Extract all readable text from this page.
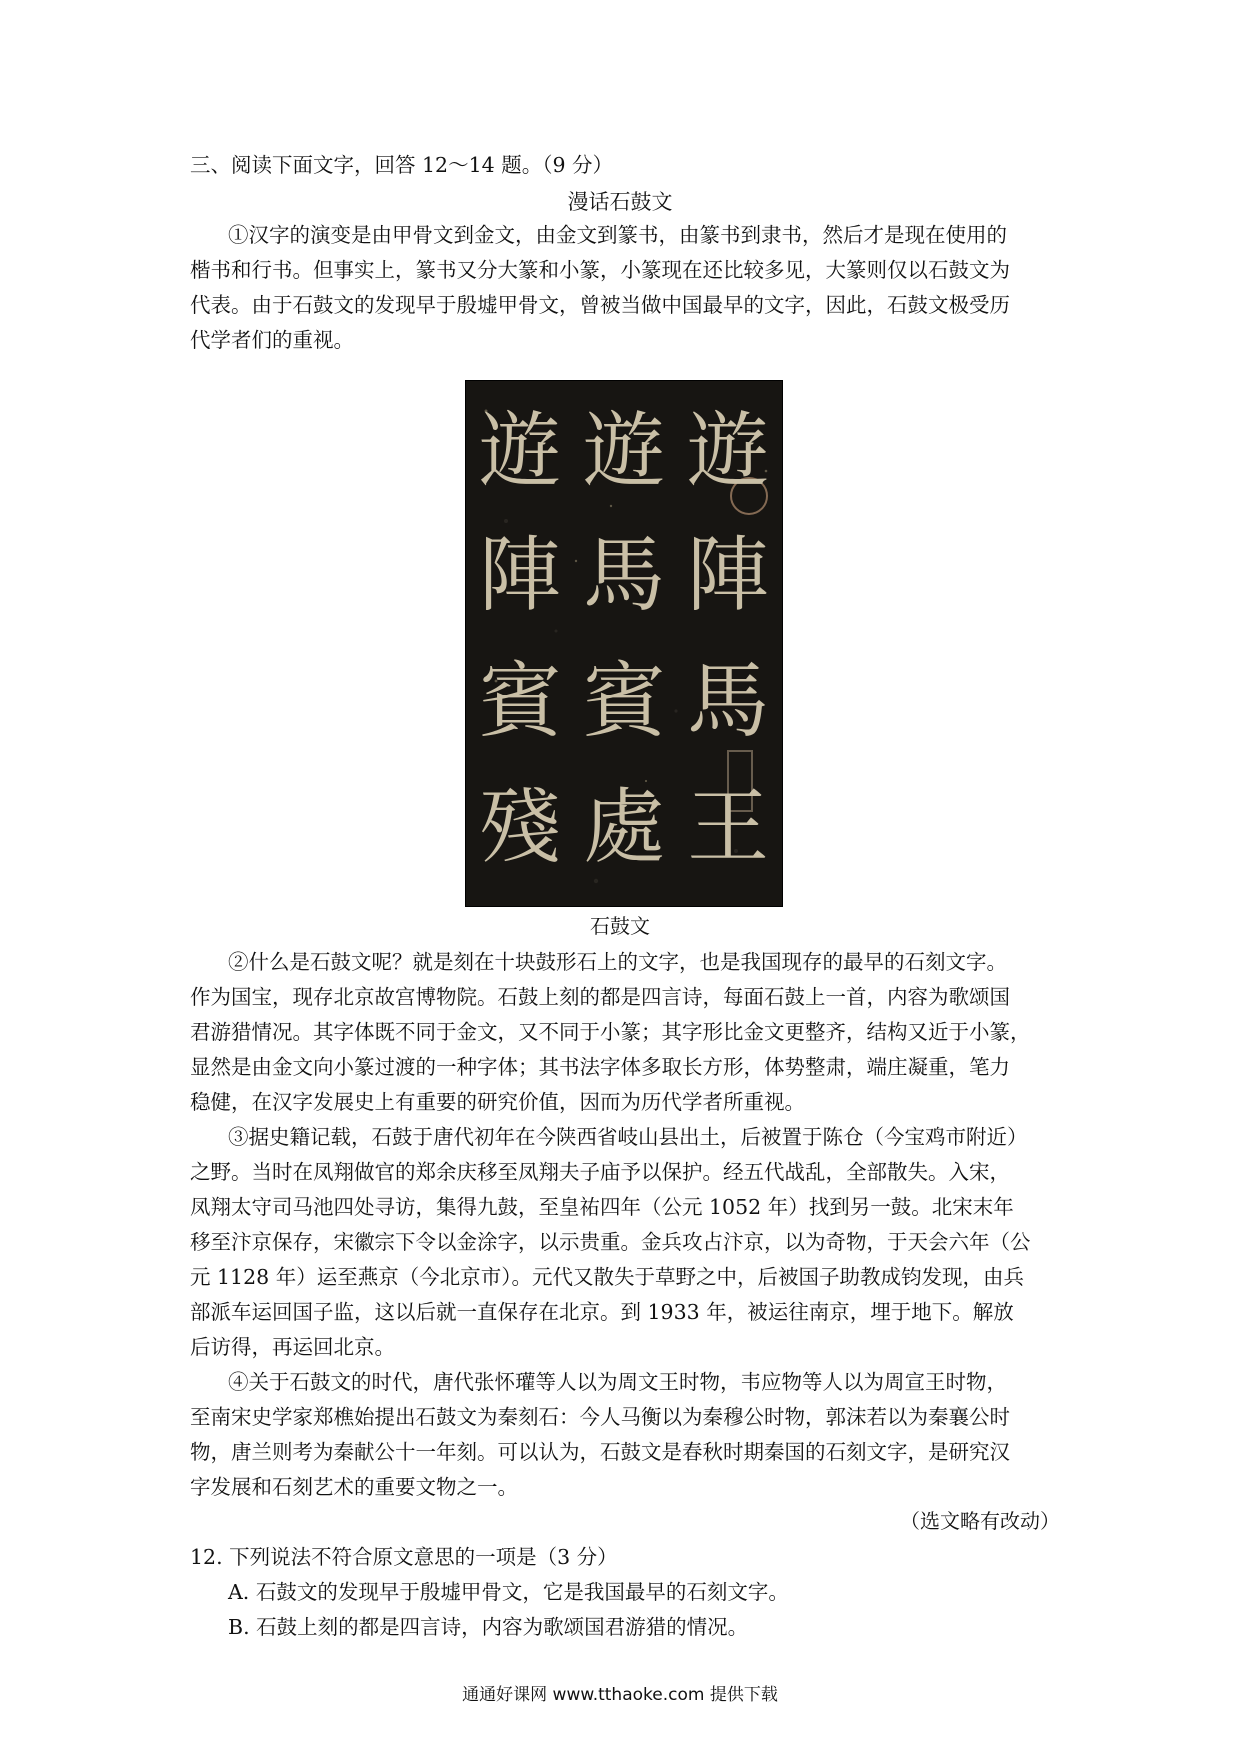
三、阅读下面文字，回答 12～14 题。（9 分）
漫话石鼓文
①汉字的演变是由甲骨文到金文，由金文到篆书，由篆书到隶书，然后才是现在使用的
楷书和行书。但事实上，篆书又分大篆和小篆，小篆现在还比较多见，大篆则仅以石鼓文为
代表。由于石鼓文的发现早于殷墟甲骨文，曾被当做中国最早的文字，因此，石鼓文极受历
代学者们的重视。
遊
陣
馬
王
遊
馬
賓
處
遊
陣
賓
殘
石鼓文
②什么是石鼓文呢？就是刻在十块鼓形石上的文字，也是我国现存的最早的石刻文字。
作为国宝，现存北京故宫博物院。石鼓上刻的都是四言诗，每面石鼓上一首，内容为歌颂国
君游猎情况。其字体既不同于金文，又不同于小篆；其字形比金文更整齐，结构又近于小篆，
显然是由金文向小篆过渡的一种字体；其书法字体多取长方形，体势整肃，端庄凝重，笔力
稳健，在汉字发展史上有重要的研究价值，因而为历代学者所重视。
③据史籍记载，石鼓于唐代初年在今陕西省岐山县出土，后被置于陈仓（今宝鸡市附近）
之野。当时在凤翔做官的郑余庆移至凤翔夫子庙予以保护。经五代战乱，全部散失。入宋，
凤翔太守司马池四处寻访，集得九鼓，至皇祐四年（公元 1052 年）找到另一鼓。北宋末年
移至汴京保存，宋徽宗下令以金涂字，以示贵重。金兵攻占汴京，以为奇物，于天会六年（公
元 1128 年）运至燕京（今北京市）。元代又散失于草野之中，后被国子助教成钧发现，由兵
部派车运回国子监，这以后就一直保存在北京。到 1933 年，被运往南京，埋于地下。解放
后访得，再运回北京。
④关于石鼓文的时代，唐代张怀瓘等人以为周文王时物，韦应物等人以为周宣王时物，
至南宋史学家郑樵始提出石鼓文为秦刻石：今人马衡以为秦穆公时物，郭沫若以为秦襄公时
物，唐兰则考为秦献公十一年刻。可以认为，石鼓文是春秋时期秦国的石刻文字，是研究汉
字发展和石刻艺术的重要文物之一。
（选文略有改动）
12. 下列说法不符合原文意思的一项是（3 分）
A. 石鼓文的发现早于殷墟甲骨文，它是我国最早的石刻文字。
B. 石鼓上刻的都是四言诗，内容为歌颂国君游猎的情况。
通通好课网 www.tthaoke.com 提供下载
